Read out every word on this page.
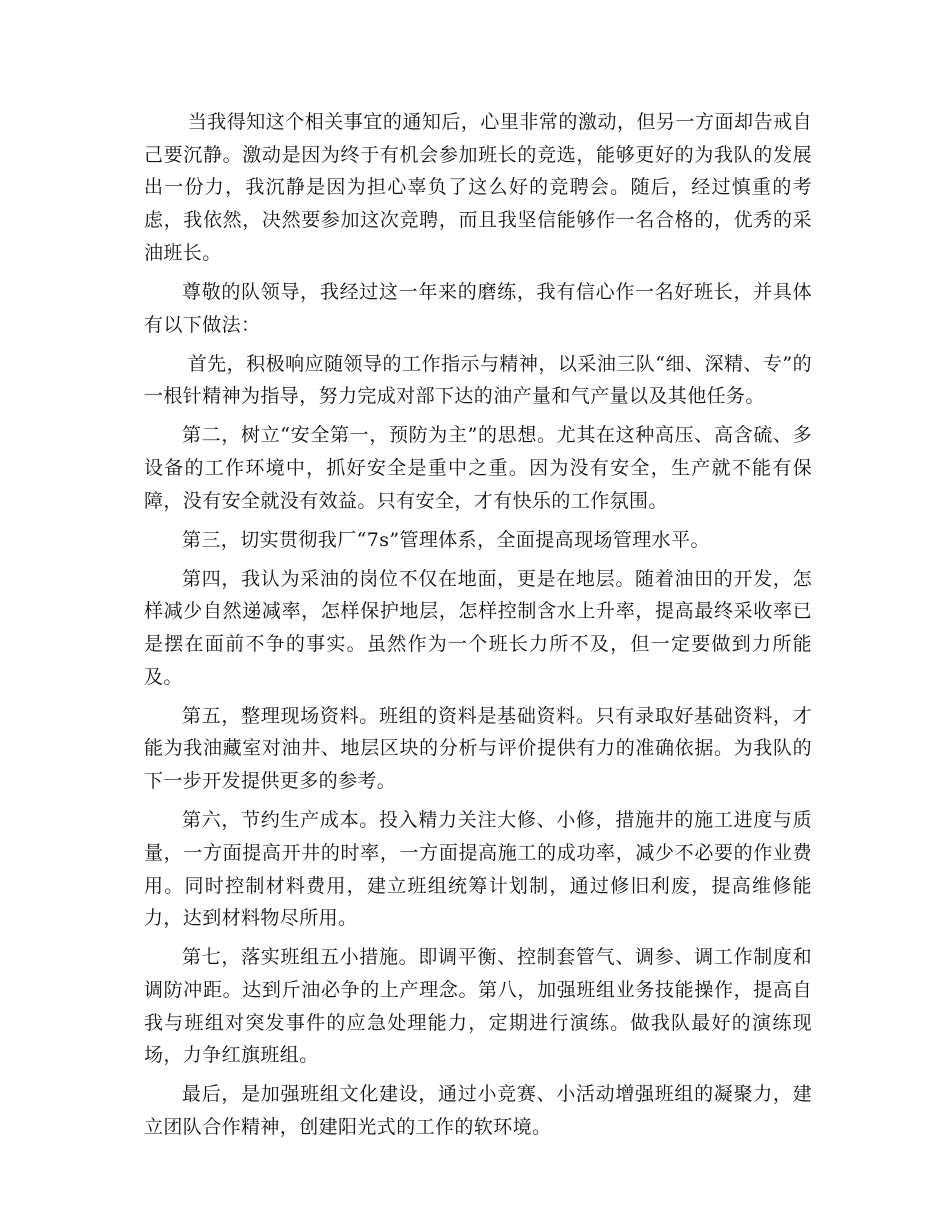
当我得知这个相关事宜的通知后，心里非常的激动，但另一方面却告戒自己要沉静。激动是因为终于有机会参加班长的竞选，能够更好的为我队的发展出一份力，我沉静是因为担心辜负了这么好的竞聘会。随后，经过慎重的考虑，我依然，决然要参加这次竞聘，而且我坚信能够作一名合格的，优秀的采油班长。

尊敬的队领导，我经过这一年来的磨练，我有信心作一名好班长，并具体有以下做法：

首先，积极响应随领导的工作指示与精神，以采油三队“细、深精、专”的一根针精神为指导，努力完成对部下达的油产量和气产量以及其他任务。

第二，树立“安全第一，预防为主”的思想。尤其在这种高压、高含硫、多设备的工作环境中，抓好安全是重中之重。因为没有安全，生产就不能有保障，没有安全就没有效益。只有安全，才有快乐的工作氛围。

第三，切实贯彻我厂“7s”管理体系，全面提高现场管理水平。

第四，我认为采油的岗位不仅在地面，更是在地层。随着油田的开发，怎样减少自然递减率，怎样保护地层，怎样控制含水上升率，提高最终采收率已是摆在面前不争的事实。虽然作为一个班长力所不及，但一定要做到力所能及。

第五，整理现场资料。班组的资料是基础资料。只有录取好基础资料，才能为我油藏室对油井、地层区块的分析与评价提供有力的准确依据。为我队的下一步开发提供更多的参考。

第六，节约生产成本。投入精力关注大修、小修，措施井的施工进度与质量，一方面提高开井的时率，一方面提高施工的成功率，减少不必要的作业费用。同时控制材料费用，建立班组统筹计划制，通过修旧利废，提高维修能力，达到材料物尽所用。

第七，落实班组五小措施。即调平衡、控制套管气、调参、调工作制度和调防冲距。达到斤油必争的上产理念。第八，加强班组业务技能操作，提高自我与班组对突发事件的应急处理能力，定期进行演练。做我队最好的演练现场，力争红旗班组。

最后，是加强班组文化建设，通过小竞赛、小活动增强班组的凝聚力，建立团队合作精神，创建阳光式的工作的软环境。
